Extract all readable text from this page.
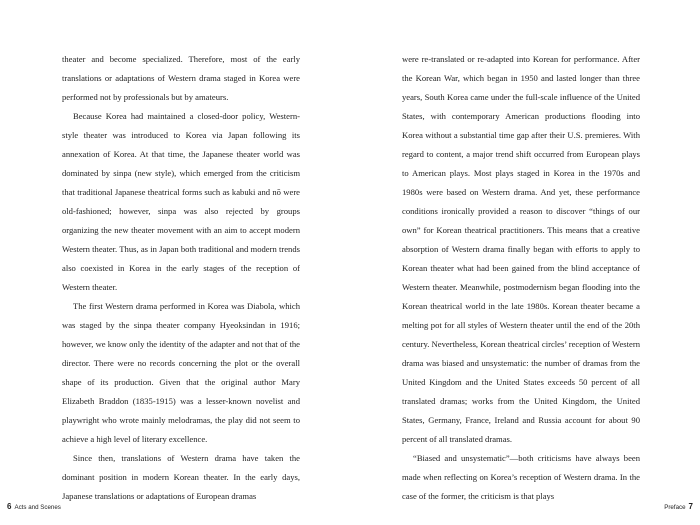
theater and become specialized. Therefore, most of the early translations or adaptations of Western drama staged in Korea were performed not by professionals but by amateurs.

Because Korea had maintained a closed-door policy, Western-style theater was introduced to Korea via Japan following its annexation of Korea. At that time, the Japanese theater world was dominated by sinpa (new style), which emerged from the criticism that traditional Japanese theatrical forms such as kabuki and nō were old-fashioned; however, sinpa was also rejected by groups organizing the new theater movement with an aim to accept modern Western theater. Thus, as in Japan both traditional and modern trends also coexisted in Korea in the early stages of the reception of Western theater.

The first Western drama performed in Korea was Diabola, which was staged by the sinpa theater company Hyeoksindan in 1916; however, we know only the identity of the adapter and not that of the director. There were no records concerning the plot or the overall shape of its production. Given that the original author Mary Elizabeth Braddon (1835-1915) was a lesser-known novelist and playwright who wrote mainly melodramas, the play did not seem to achieve a high level of literary excellence.

Since then, translations of Western drama have taken the dominant position in modern Korean theater. In the early days, Japanese translations or adaptations of European dramas

6 Acts and Scenes

were re-translated or re-adapted into Korean for performance. After the Korean War, which began in 1950 and lasted longer than three years, South Korea came under the full-scale influence of the United States, with contemporary American productions flooding into Korea without a substantial time gap after their U.S. premieres. With regard to content, a major trend shift occurred from European plays to American plays. Most plays staged in Korea in the 1970s and 1980s were based on Western drama. And yet, these performance conditions ironically provided a reason to discover “things of our own” for Korean theatrical practitioners. This means that a creative absorption of Western drama finally began with efforts to apply to Korean theater what had been gained from the blind acceptance of Western theater. Meanwhile, postmodernism began flooding into the Korean theatrical world in the late 1980s. Korean theater became a melting pot for all styles of Western theater until the end of the 20th century. Nevertheless, Korean theatrical circles’ reception of Western drama was biased and unsystematic: the number of dramas from the United Kingdom and the United States exceeds 50 percent of all translated dramas; works from the United Kingdom, the United States, Germany, France, Ireland and Russia account for about 90 percent of all translated dramas.

“Biased and unsystematic”—both criticisms have always been made when reflecting on Korea’s reception of Western drama. In the case of the former, the criticism is that plays

Preface 7
